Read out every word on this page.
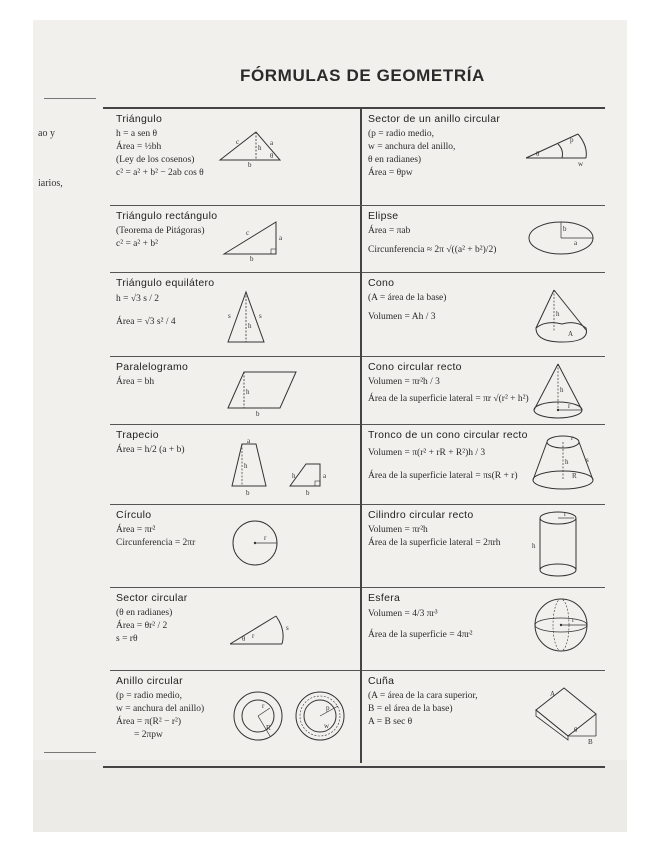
FÓRMULAS DE GEOMETRÍA
ao y
iarios,
Triángulo

h = a sen θ

Área = ½bh

(Ley de los cosenos)

c² = a² + b² − 2ab cos θ

c
h
a
b
θ
Triángulo rectángulo

(Teorema de Pitágoras)

c² = a² + b²

c
a
b
Triángulo equilátero

h = √3 s / 2

Área = √3 s² / 4

s	s
h
Paralelogramo

Área = bh

h
b
Trapecio

Área = h/2 (a + b)

a
h
b
a
h
b
Círculo

Área = πr²

Circunferencia = 2πr	r
Sector circular

(θ en radianes)

Área = θr² / 2

s = rθ	θ r
s
Anillo circular

(p = radio medio,

w = anchura del anillo)

Área = π(R² − r²)

= 2πpw

r
R
p
w
Sector de un anillo circular

(p = radio medio,

w = anchura del anillo,

θ en radianes)

Área = θpw

θ
p
w
Elipse

Área = πab

Circunferencia ≈ 2π √((a² + b²)/2)

b
a
Cono

(A = área de la base)

Volumen = Ah / 3	h
A
Cono circular recto

Volumen = πr²h / 3

Área de la superficie lateral = πr √(r² + h²)

h
r
Tronco de un cono circular recto

Volumen = π(r² + rR + R²)h / 3

Área de la superficie lateral = πs(R + r)

r
h	s
R
Cilindro circular recto

Volumen = πr²h

Área de la superficie lateral = 2πrh

r
h
Esfera

Volumen = 4/3 πr³

Área de la superficie = 4πr²

r
Cuña

(A = área de la cara superior,

B = el área de la base)

A = B sec θ

A
θ
B
